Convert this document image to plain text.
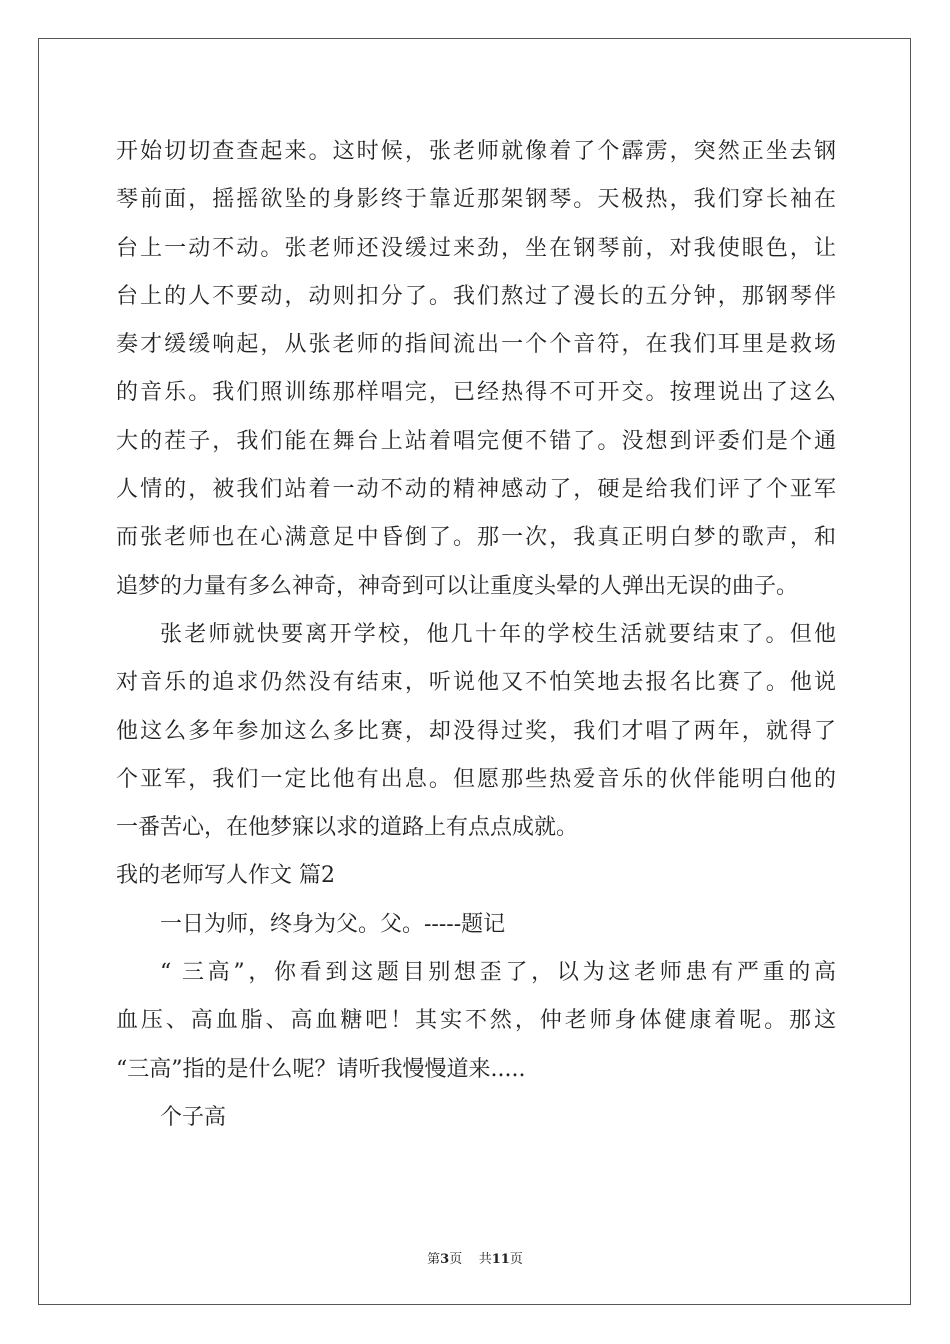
开始切切查查起来。这时候，张老师就像着了个霹雳，突然正坐去钢

琴前面，摇摇欲坠的身影终于靠近那架钢琴。天极热，我们穿长袖在

台上一动不动。张老师还没缓过来劲，坐在钢琴前，对我使眼色，让

台上的人不要动，动则扣分了。我们熬过了漫长的五分钟，那钢琴伴

奏才缓缓响起，从张老师的指间流出一个个音符，在我们耳里是救场

的音乐。我们照训练那样唱完，已经热得不可开交。按理说出了这么

大的茬子，我们能在舞台上站着唱完便不错了。没想到评委们是个通

人情的，被我们站着一动不动的精神感动了，硬是给我们评了个亚军

而张老师也在心满意足中昏倒了。那一次，我真正明白梦的歌声，和

追梦的力量有多么神奇，神奇到可以让重度头晕的人弹出无误的曲子。

张老师就快要离开学校，他几十年的学校生活就要结束了。但他

对音乐的追求仍然没有结束，听说他又不怕笑地去报名比赛了。他说

他这么多年参加这么多比赛，却没得过奖，我们才唱了两年，就得了

个亚军，我们一定比他有出息。但愿那些热爱音乐的伙伴能明白他的

一番苦心，在他梦寐以求的道路上有点点成就。

我的老师写人作文 篇2

一日为师，终身为父。父。-----题记

“ 三高”，你看到这题目别想歪了，以为这老师患有严重的高

血压、高血脂、高血糖吧！其实不然，仲老师身体健康着呢。那这

“三高”指的是什么呢？请听我慢慢道来.....

个子高

第3页    共11页
